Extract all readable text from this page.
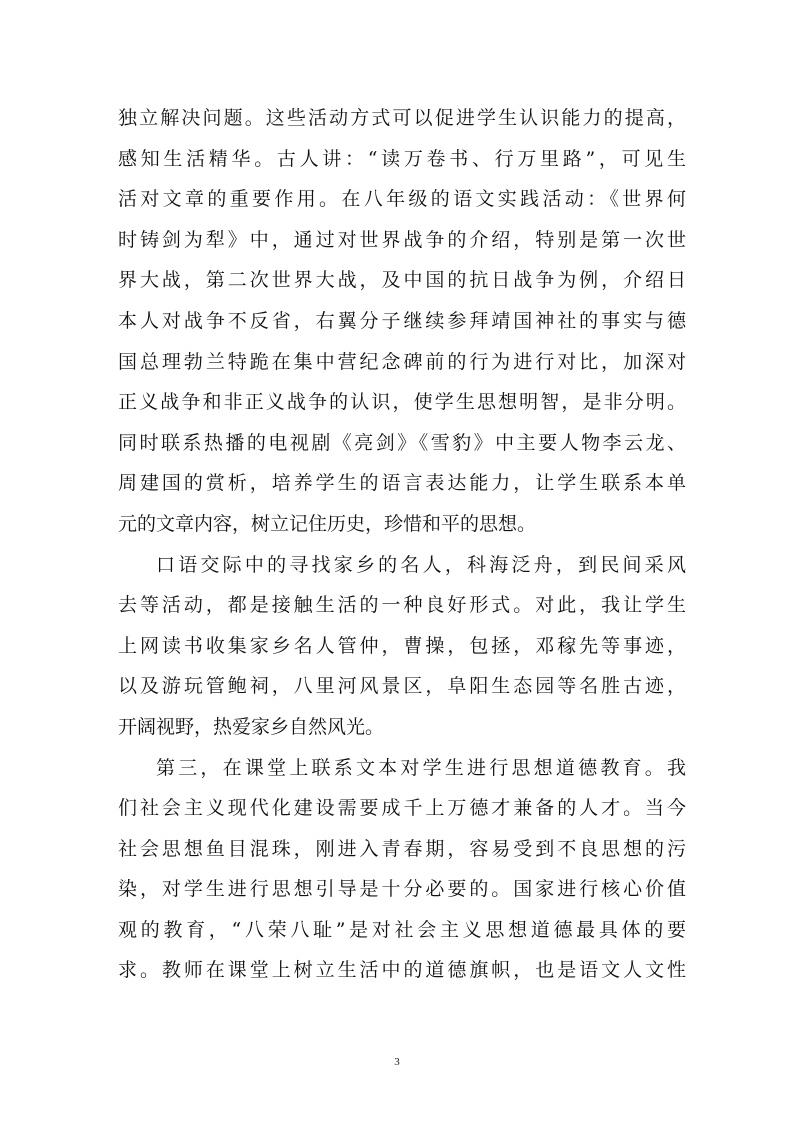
独立解决问题。这些活动方式可以促进学生认识能力的提高，
感知生活精华。古人讲：“读万卷书、行万里路”，可见生
活对文章的重要作用。在八年级的语文实践活动：《世界何
时铸剑为犁》中，通过对世界战争的介绍，特别是第一次世
界大战，第二次世界大战，及中国的抗日战争为例，介绍日
本人对战争不反省，右翼分子继续参拜靖国神社的事实与德
国总理勃兰特跪在集中营纪念碑前的行为进行对比，加深对
正义战争和非正义战争的认识，使学生思想明智，是非分明。
同时联系热播的电视剧《亮剑》《雪豹》中主要人物李云龙、
周建国的赏析，培养学生的语言表达能力，让学生联系本单
元的文章内容，树立记住历史，珍惜和平的思想。
口语交际中的寻找家乡的名人，科海泛舟，到民间采风
去等活动，都是接触生活的一种良好形式。对此，我让学生
上网读书收集家乡名人管仲，曹操，包拯，邓稼先等事迹，
以及游玩管鲍祠，八里河风景区，阜阳生态园等名胜古迹，
开阔视野，热爱家乡自然风光。
第三，在课堂上联系文本对学生进行思想道德教育。我
们社会主义现代化建设需要成千上万德才兼备的人才。当今
社会思想鱼目混珠，刚进入青春期，容易受到不良思想的污
染，对学生进行思想引导是十分必要的。国家进行核心价值
观的教育，“八荣八耻”是对社会主义思想道德最具体的要
求。教师在课堂上树立生活中的道德旗帜，也是语文人文性
3
